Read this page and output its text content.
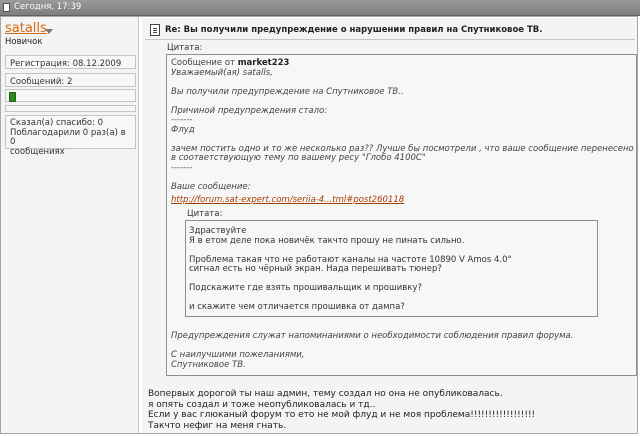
Сегодня, 17:39
satalls
Новичок
Регистрация: 08.12.2009
Сообщений: 2
Сказал(а) спасибо: 0
Поблагодарили 0 раз(а) в 0
сообщениях
Re: Вы получили предупреждение о нарушении правил на Спутниковое ТВ.
Цитата:
Сообщение от market223
Уважаемый(ая) satalls,

Вы получили предупреждение на Спутниковое ТВ..

Причиной предупреждения стало:
-------
Флуд

зачем постить одно и то же несколько раз?? Лучше бы посмотрели , что ваше сообщение перенесено
в соответствующую тему по вашему ресу "Глобо 4100С"
-------

Ваше сообщение:
http://forum.sat-expert.com/seriia-4...tml#post260118
Цитата:
Здраствуйте
Я в етом деле пока новичёк такчто прошу не пинать сильно.

Проблема такая что не работают каналы на частоте 10890 V Amos 4.0°
сигнал есть но чёрный экран. Нада перешивать тюнер?

Подскажите где взять прошивальщик и прошивку?

и скажите чем отличается прошивка от дампа?
Предупреждения служат напоминаниями о необходимости соблюдения правил форума.

С наилучшими пожеланиями,
Спутниковое ТВ.
Вопервых дорогой ты наш админ, тему создал но она не опубликовалась.
я опять создал и тоже неопубликовалась и тд..
Если у вас глюканый форум то ето не мой флуд и не моя проблема!!!!!!!!!!!!!!!!!!
Такчто нефиг на меня гнать.
